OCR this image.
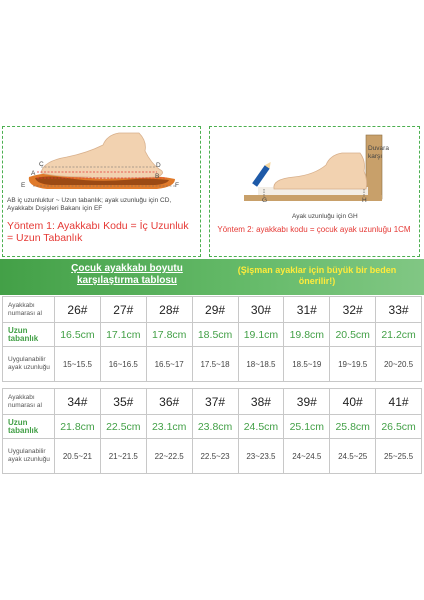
C
A
D
B
E	F
AB iç uzunluktur ~ Uzun tabanlık; ayak uzunluğu için CD, Ayakkabı Dışişleri Bakanı için EF
Yöntem 1: Ayakkabı Kodu = İç Uzunluk = Uzun Tabanlık
Duvara karşı
G	H
Ayak uzunluğu için GH
Yöntem 2: ayakkabı kodu = çocuk ayak uzunluğu 1CM
Çocuk ayakkabı boyutu karşılaştırma tablosu
(Şişman ayaklar için büyük bir beden önerilir!)
Ayakkabı numarası al	26#	27#	28#	29#	30#	31#	32#	33#
Uzun tabanlık	16.5cm	17.1cm	17.8cm	18.5cm	19.1cm	19.8cm	20.5cm	21.2cm
Uygulanabilir ayak uzunluğu	15~15.5	16~16.5	16.5~17	17.5~18	18~18.5	18.5~19	19~19.5	20~20.5

Ayakkabı numarası al	34#	35#	36#	37#	38#	39#	40#	41#
Uzun tabanlık	21.8cm	22.5cm	23.1cm	23.8cm	24.5cm	25.1cm	25.8cm	26.5cm
Uygulanabilir ayak uzunluğu	20.5~21	21~21.5	22~22.5	22.5~23	23~23.5	24~24.5	24.5~25	25~25.5
